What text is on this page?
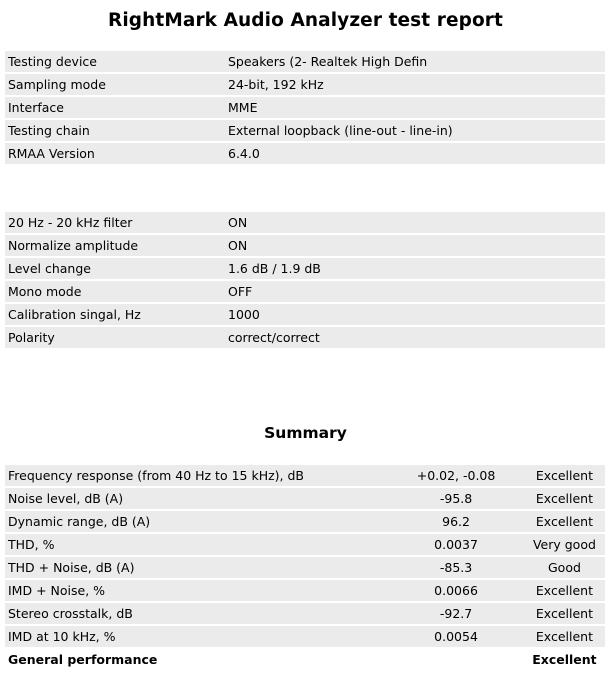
RightMark Audio Analyzer test report
Testing device	Speakers (2- Realtek High Defin
Sampling mode	24-bit, 192 kHz
Interface	MME
Testing chain	External loopback (line-out - line-in)
RMAA Version	6.4.0
20 Hz - 20 kHz filter	ON
Normalize amplitude	ON
Level change	1.6 dB / 1.9 dB
Mono mode	OFF
Calibration singal, Hz	1000
Polarity	correct/correct
Summary
Frequency response (from 40 Hz to 15 kHz), dB	+0.02, -0.08	Excellent
Noise level, dB (A)	-95.8	Excellent
Dynamic range, dB (A)	96.2	Excellent
THD, %	0.0037	Very good
THD + Noise, dB (A)	-85.3	Good
IMD + Noise, %	0.0066	Excellent
Stereo crosstalk, dB	-92.7	Excellent
IMD at 10 kHz, %	0.0054	Excellent
General performance		Excellent
